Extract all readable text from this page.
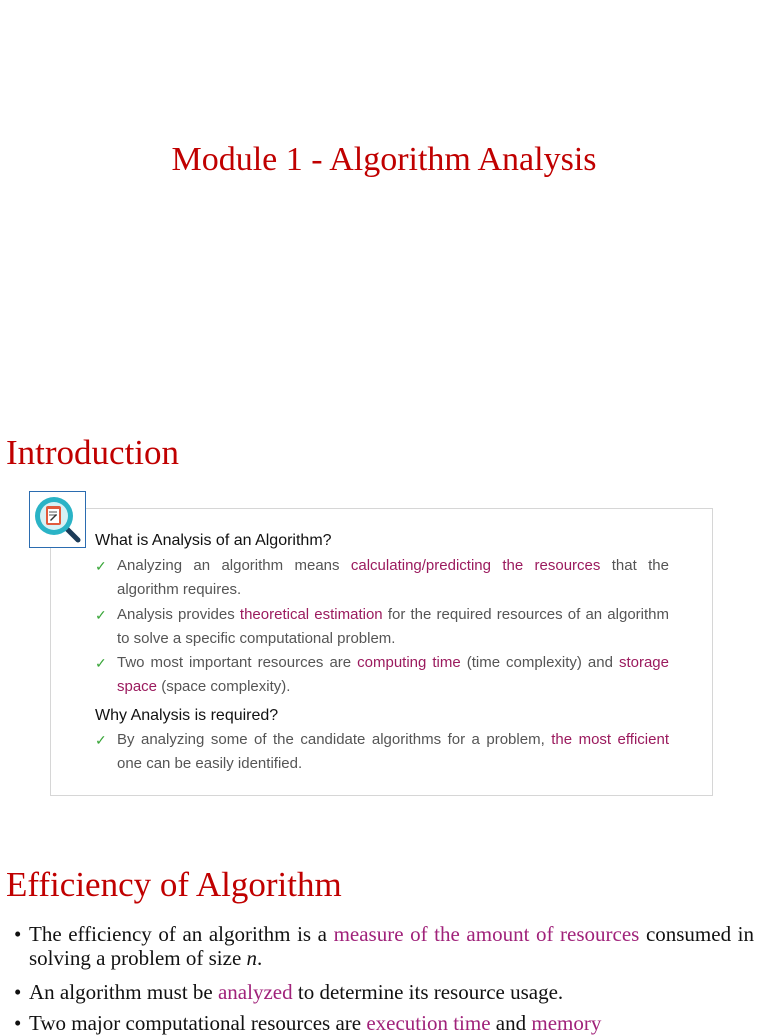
Module 1 - Algorithm Analysis
Introduction
What is Analysis of an Algorithm?
✓ Analyzing an algorithm means calculating/predicting the resources that the algorithm requires.
✓ Analysis provides theoretical estimation for the required resources of an algorithm to solve a specific computational problem.
✓ Two most important resources are computing time (time complexity) and storage space (space complexity).
Why Analysis is required?
✓ By analyzing some of the candidate algorithms for a problem, the most efficient one can be easily identified.
Efficiency of Algorithm
• The efficiency of an algorithm is a measure of the amount of resources consumed in solving a problem of size n.
• An algorithm must be analyzed to determine its resource usage.
• Two major computational resources are execution time and memory
